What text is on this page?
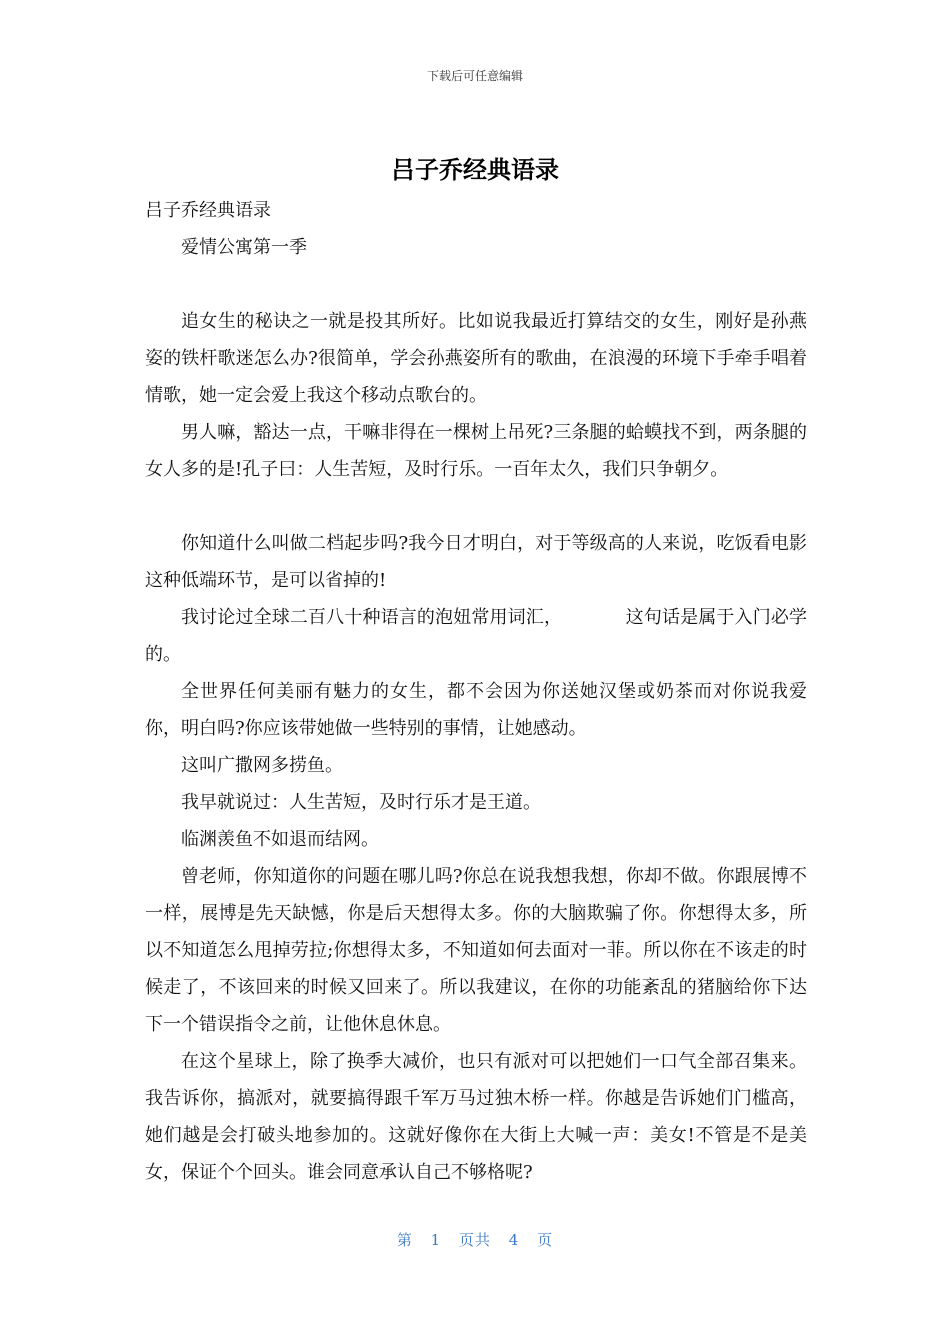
下载后可任意编辑
吕子乔经典语录

吕子乔经典语录

爱情公寓第一季

追女生的秘诀之一就是投其所好。比如说我最近打算结交的女生，刚好是孙燕姿的铁杆歌迷怎么办?很简单，学会孙燕姿所有的歌曲，在浪漫的环境下手牵手唱着情歌，她一定会爱上我这个移动点歌台的。

男人嘛，豁达一点，干嘛非得在一棵树上吊死?三条腿的蛤蟆找不到，两条腿的女人多的是!孔子曰：人生苦短，及时行乐。一百年太久，我们只争朝夕。

你知道什么叫做二档起步吗?我今日才明白，对于等级高的人来说，吃饭看电影这种低端环节，是可以省掉的!

我讨论过全球二百八十种语言的泡妞常用词汇，　　　　这句话是属于入门必学的。

全世界任何美丽有魅力的女生，都不会因为你送她汉堡或奶茶而对你说我爱你，明白吗?你应该带她做一些特别的事情，让她感动。

这叫广撒网多捞鱼。

我早就说过：人生苦短，及时行乐才是王道。

临渊羡鱼不如退而结网。

曾老师，你知道你的问题在哪儿吗?你总在说我想我想，你却不做。你跟展博不一样，展博是先天缺憾，你是后天想得太多。你的大脑欺骗了你。你想得太多，所以不知道怎么甩掉劳拉;你想得太多，不知道如何去面对一菲。所以你在不该走的时候走了，不该回来的时候又回来了。所以我建议，在你的功能紊乱的猪脑给你下达下一个错误指令之前，让他休息休息。

在这个星球上，除了换季大减价，也只有派对可以把她们一口气全部召集来。我告诉你，搞派对，就要搞得跟千军万马过独木桥一样。你越是告诉她们门槛高，她们越是会打破头地参加的。这就好像你在大街上大喊一声：美女!不管是不是美女，保证个个回头。谁会同意承认自己不够格呢?

第 1 页共 4 页
